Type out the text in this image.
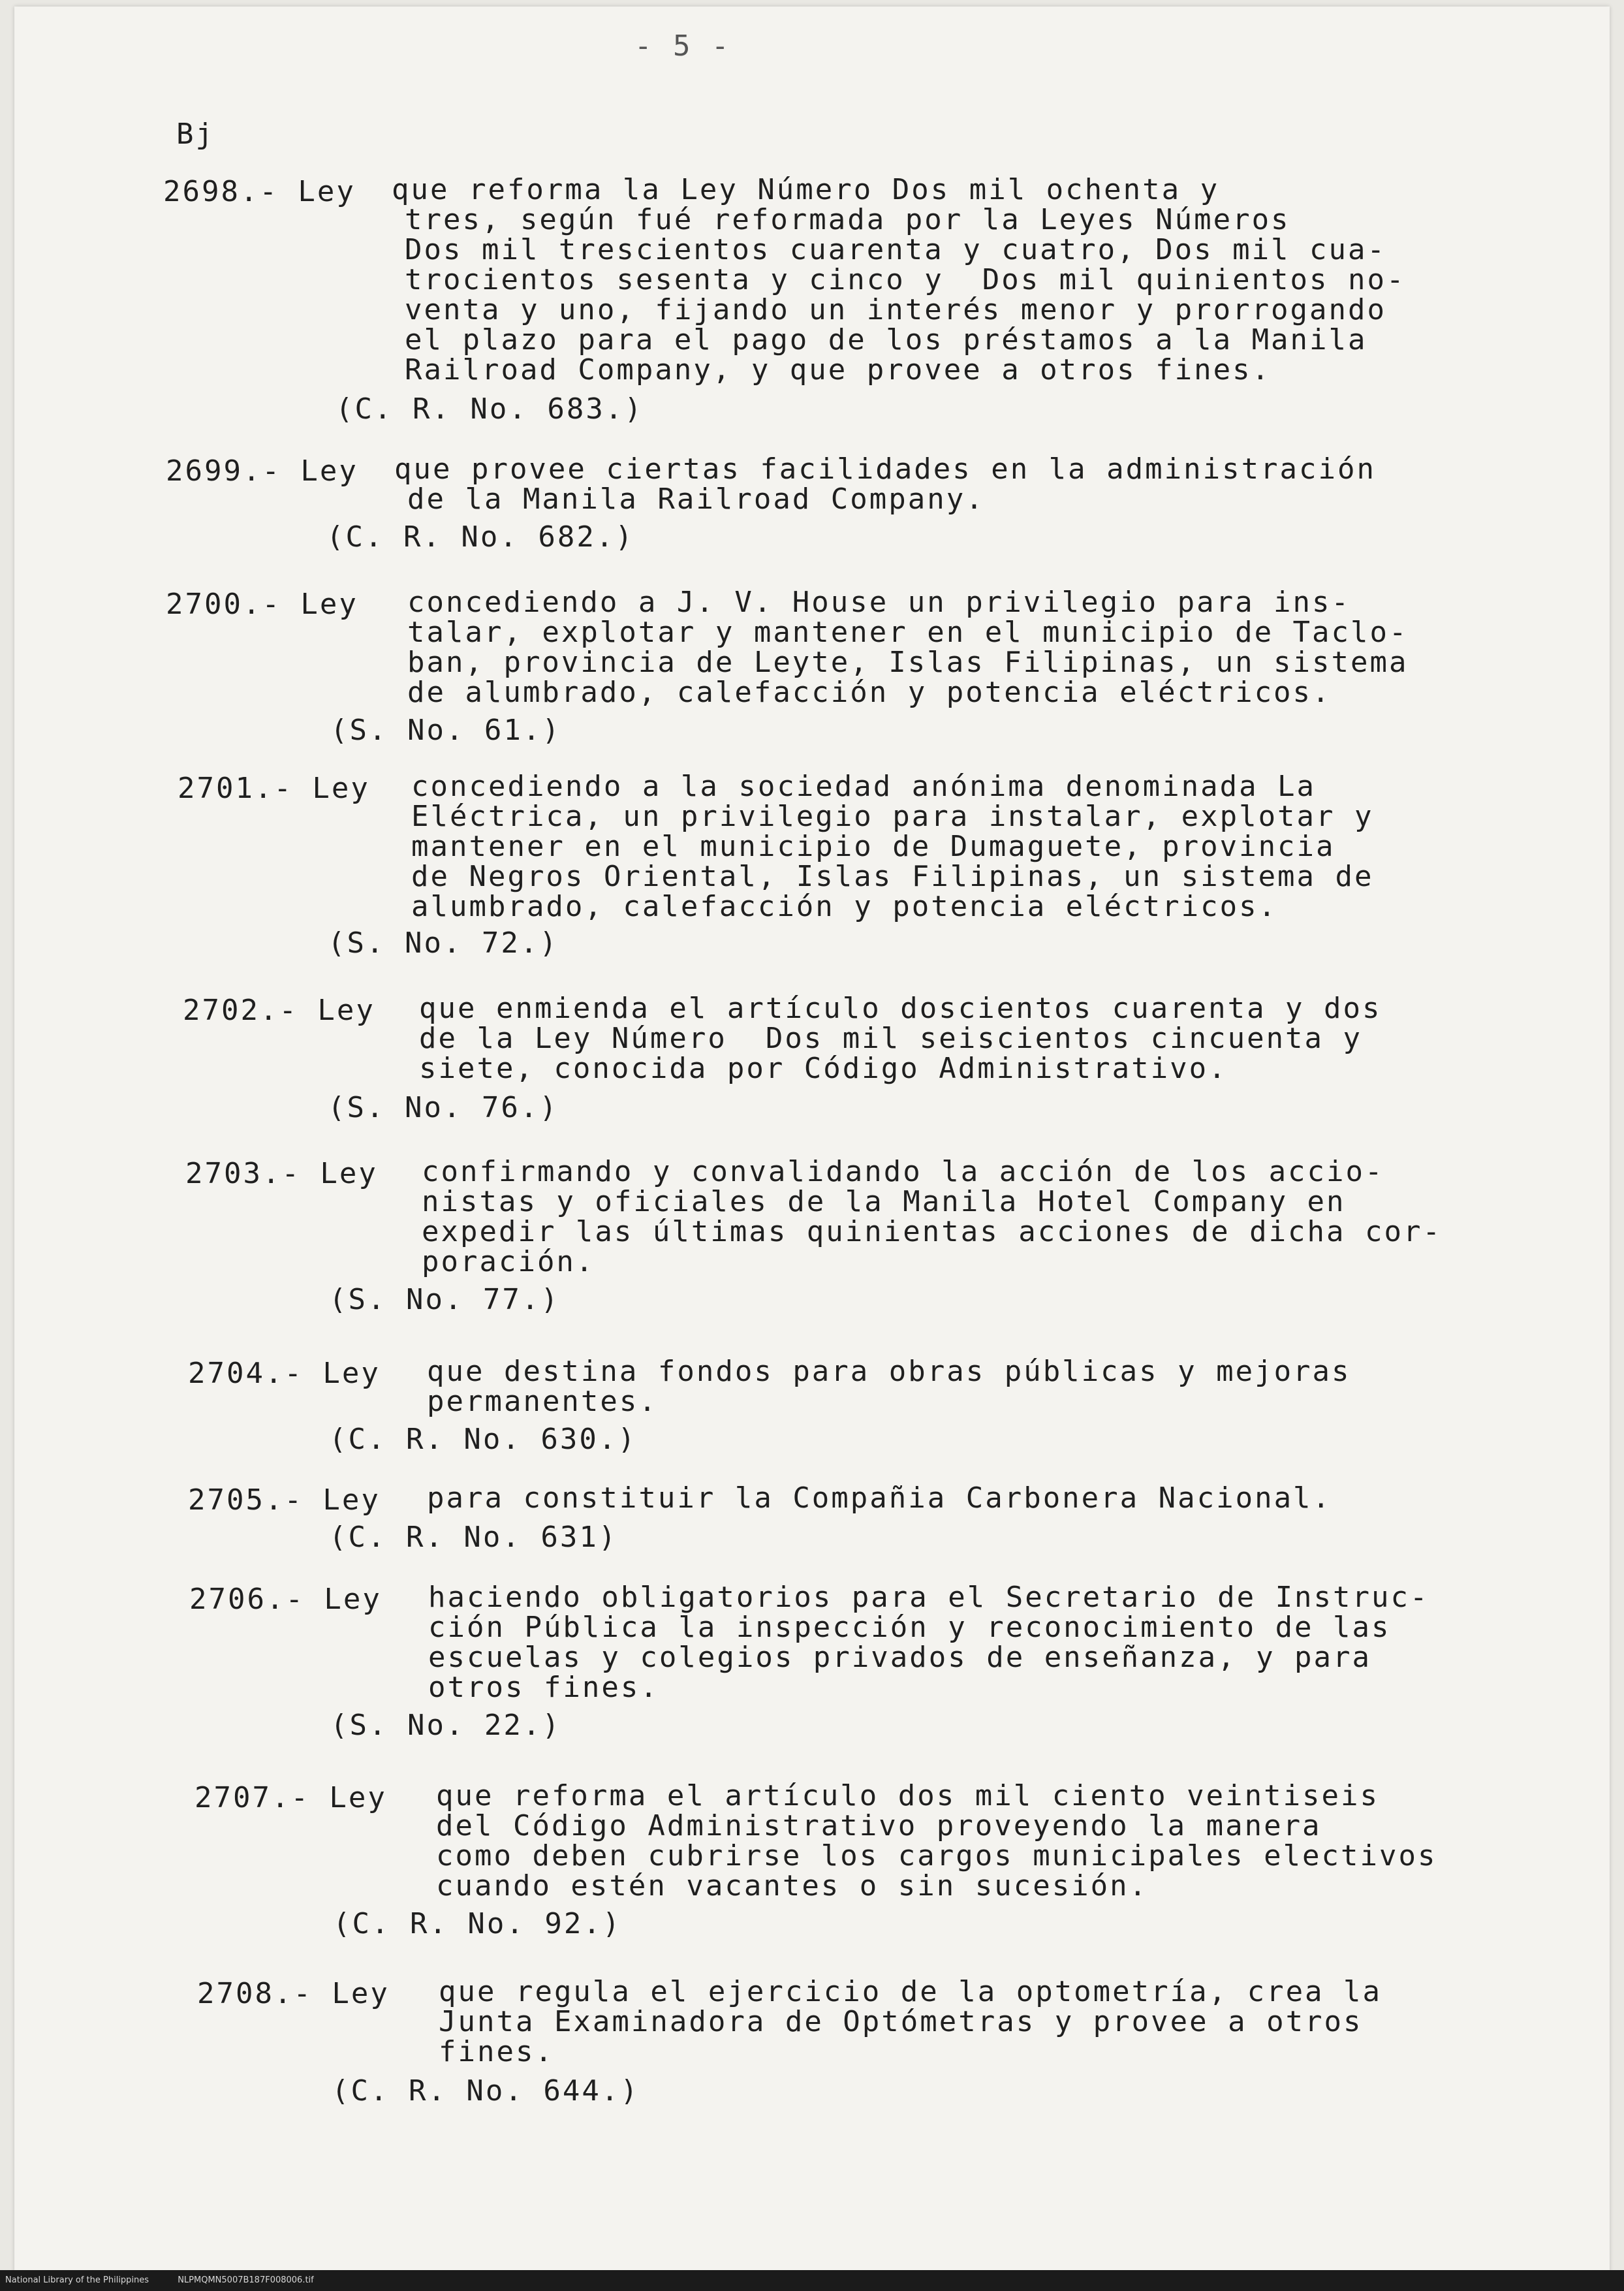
- 5 -
Bj
2698.- Ley que reforma la Ley Número Dos mil ochenta y
tres, según fué reformada por la Leyes Números
Dos mil trescientos cuarenta y cuatro, Dos mil cua-
trocientos sesenta y cinco y  Dos mil quinientos no-
venta y uno, fijando un interés menor y prorrogando
el plazo para el pago de los préstamos a la Manila
Railroad Company, y que provee a otros fines.
(C. R. No. 683.)
2699.- Ley que provee ciertas facilidades en la administración
de la Manila Railroad Company.
(C. R. No. 682.)
2700.- Ley concediendo a J. V. House un privilegio para ins-
talar, explotar y mantener en el municipio de Taclo-
ban, provincia de Leyte, Islas Filipinas, un sistema
de alumbrado, calefacción y potencia eléctricos.
(S. No. 61.)
2701.- Ley concediendo a la sociedad anónima denominada La
Eléctrica, un privilegio para instalar, explotar y
mantener en el municipio de Dumaguete, provincia
de Negros Oriental, Islas Filipinas, un sistema de
alumbrado, calefacción y potencia eléctricos.
(S. No. 72.)
2702.- Ley que enmienda el artículo doscientos cuarenta y dos
de la Ley Número  Dos mil seiscientos cincuenta y
siete, conocida por Código Administrativo.
(S. No. 76.)
2703.- Ley confirmando y convalidando la acción de los accio-
nistas y oficiales de la Manila Hotel Company en
expedir las últimas quinientas acciones de dicha cor-
poración.
(S. No. 77.)
2704.- Ley que destina fondos para obras públicas y mejoras
permanentes.
(C. R. No. 630.)
2705.- Ley para constituir la Compañia Carbonera Nacional.
(C. R. No. 631)
2706.- Ley haciendo obligatorios para el Secretario de Instruc-
ción Pública la inspección y reconocimiento de las
escuelas y colegios privados de enseñanza, y para
otros fines.
(S. No. 22.)
2707.- Ley que reforma el artículo dos mil ciento veintiseis
del Código Administrativo proveyendo la manera
como deben cubrirse los cargos municipales electivos
cuando estén vacantes o sin sucesión.
(C. R. No. 92.)
2708.- Ley que regula el ejercicio de la optometría, crea la
Junta Examinadora de Optómetras y provee a otros
fines.
(C. R. No. 644.)
National Library of the Philippines	NLPMQMN5007B187F008006.tif
